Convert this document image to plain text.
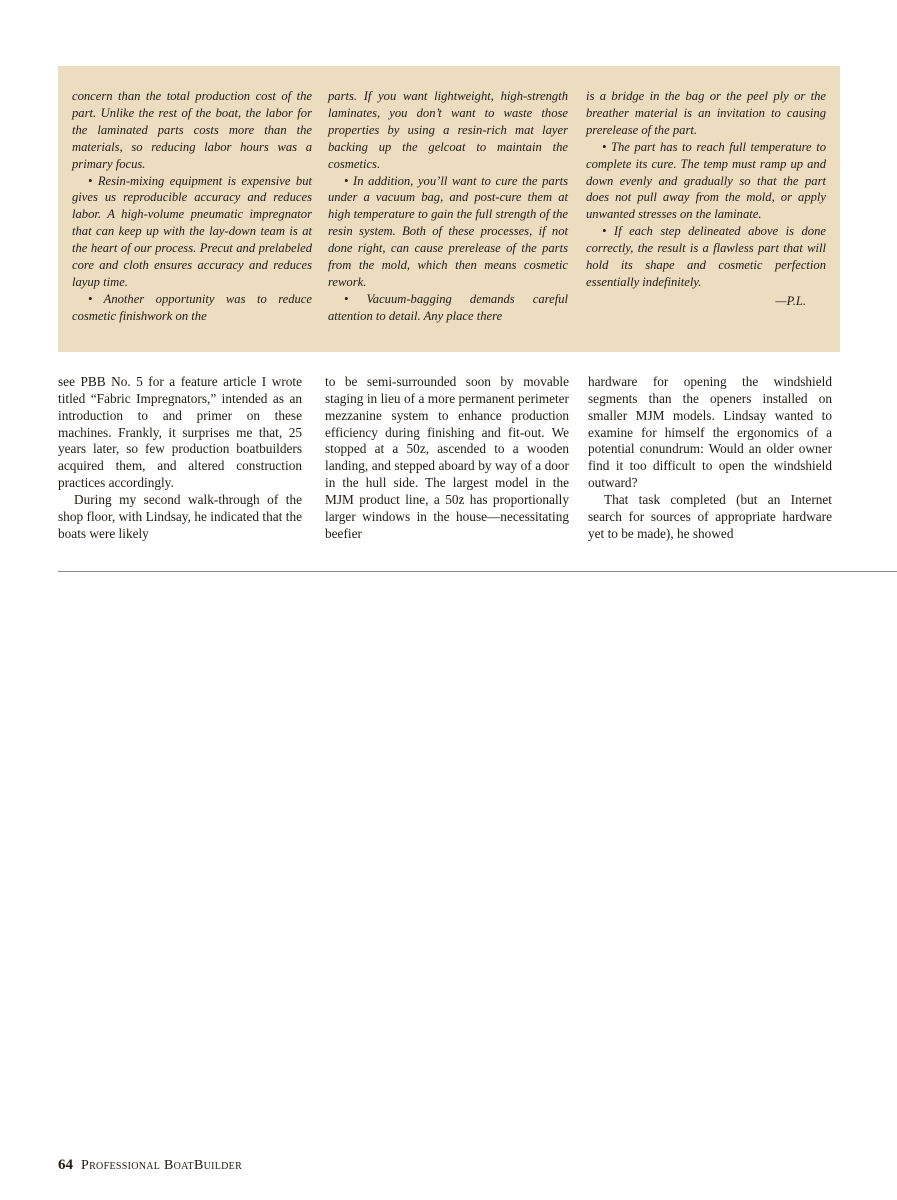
concern than the total production cost of the part. Unlike the rest of the boat, the labor for the laminated parts costs more than the materials, so reducing labor hours was a primary focus.

• Resin-mixing equipment is expensive but gives us reproducible accuracy and reduces labor. A high-volume pneumatic impregnator that can keep up with the lay-down team is at the heart of our process. Precut and prelabeled core and cloth ensures accuracy and reduces layup time.

• Another opportunity was to reduce cosmetic finishwork on the

parts. If you want lightweight, high-strength laminates, you don’t want to waste those properties by using a resin-rich mat layer backing up the gelcoat to maintain the cosmetics.

• In addition, you’ll want to cure the parts under a vacuum bag, and post-cure them at high temperature to gain the full strength of the resin system. Both of these processes, if not done right, can cause prerelease of the parts from the mold, which then means cosmetic rework.

• Vacuum-bagging demands careful attention to detail. Any place there

is a bridge in the bag or the peel ply or the breather material is an invitation to causing prerelease of the part.

• The part has to reach full temperature to complete its cure. The temp must ramp up and down evenly and gradually so that the part does not pull away from the mold, or apply unwanted stresses on the laminate.

• If each step delineated above is done correctly, the result is a flawless part that will hold its shape and cosmetic perfection essentially indefinitely.

—P.L.

see PBB No. 5 for a feature article I wrote titled “Fabric Impregnators,” intended as an introduction to and primer on these machines. Frankly, it surprises me that, 25 years later, so few production boatbuilders acquired them, and altered construction practices accordingly.

During my second walk-through of the shop floor, with Lindsay, he indicated that the boats were likely

to be semi-surrounded soon by movable staging in lieu of a more permanent perimeter mezzanine system to enhance production efficiency during finishing and fit-out. We stopped at a 50z, ascended to a wooden landing, and stepped aboard by way of a door in the hull side. The largest model in the MJM product line, a 50z has proportionally larger windows in the house—necessitating beefier

hardware for opening the windshield segments than the openers installed on smaller MJM models. Lindsay wanted to examine for himself the ergonomics of a potential conundrum: Would an older owner find it too difficult to open the windshield outward?

That task completed (but an Internet search for sources of appropriate hardware yet to be made), he showed

64 Professional BoatBuilder
